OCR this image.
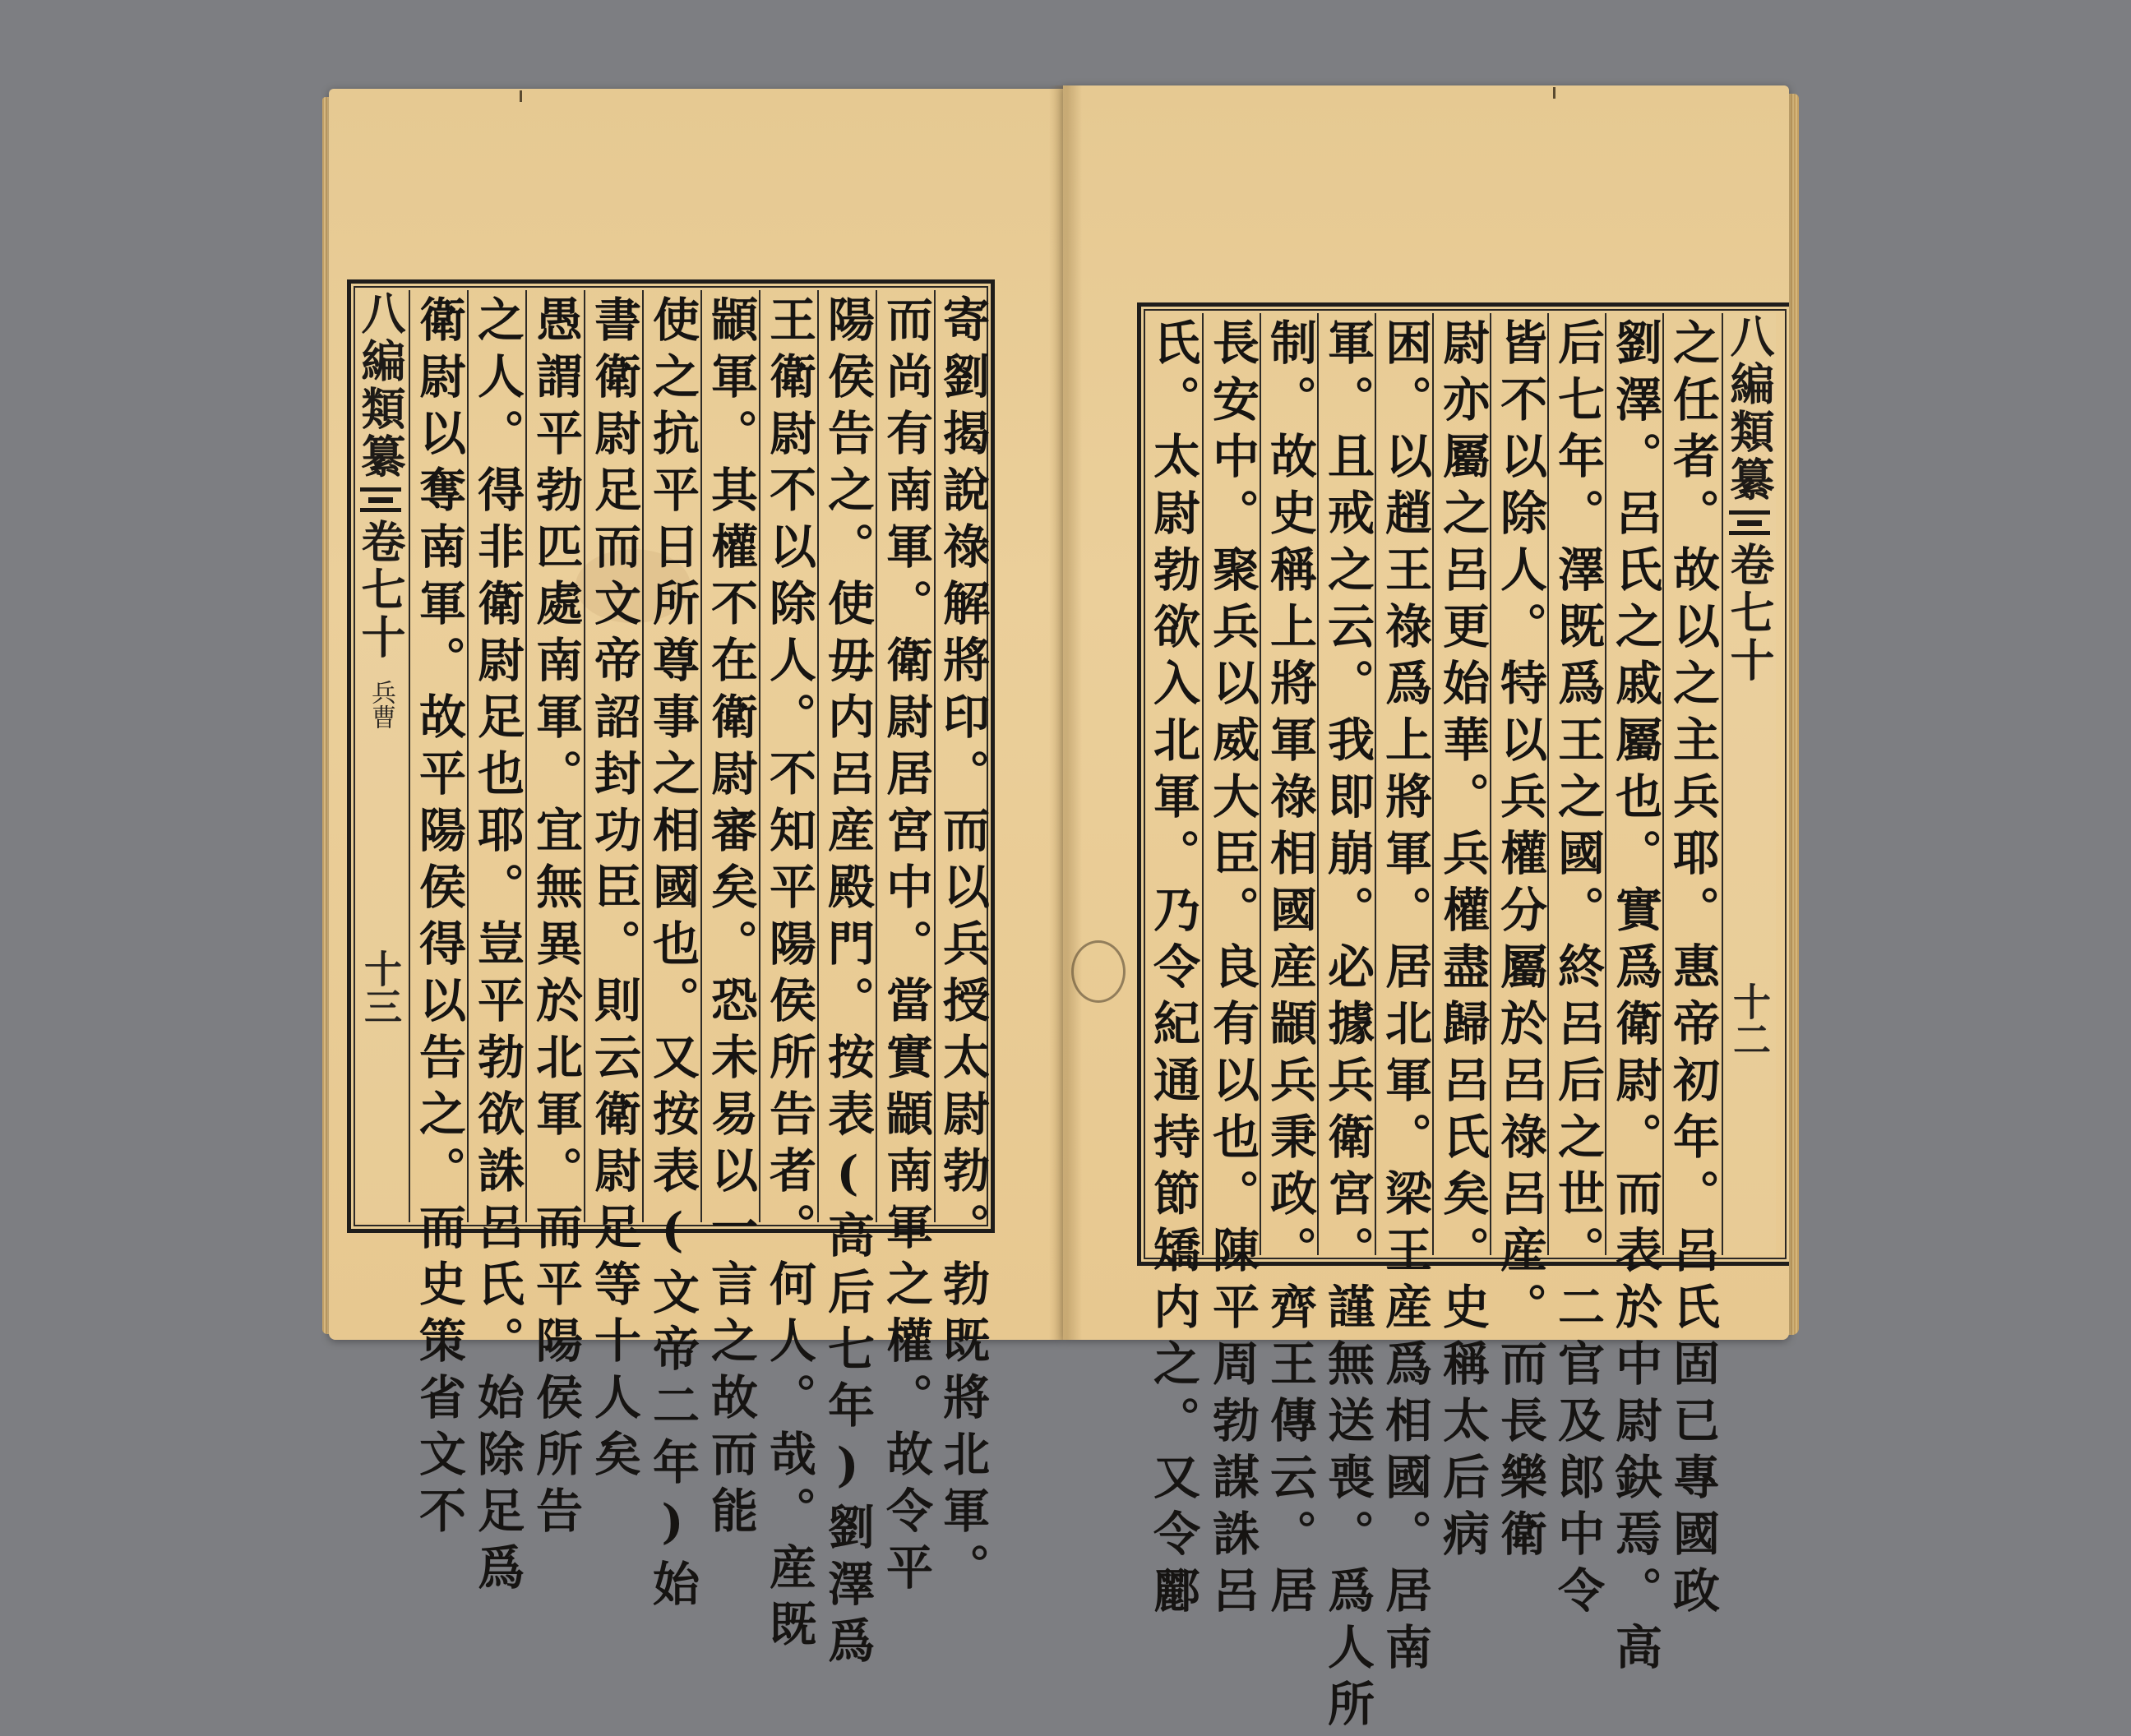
八編類纂
卷七十
兵曹
十三 衛尉以奪南軍。故平陽侯得以告之。而史策省文不 之人。得非衛尉足也耶。豈平勃欲誅呂氏。始除足爲 愚謂平勃匹處南軍。宜無異於北軍。而平陽侯所告 書衛尉足而文帝詔封功臣。則云衛尉足等十人矣 使之抗平日所尊事之相國也。又按表(文帝二年)始 顓軍。其權不在衛尉審矣。恐未易以一言之故而能 王衛尉不以除人。不知平陽侯所告者。何人。哉。産既 陽侯告之。使毋内呂産殿門。按表(高后七年)劉澤爲 而尚有南軍。衛尉居宮中。當實顓南軍之權。故令平 寄劉揭說祿解將印。而以兵授太尉勃。勃既將北軍。	氏。太尉勃欲入北軍。乃令紀通持節矯内之。又令酈 長安中。聚兵以威大臣。良有以也。陳平周勃謀誅呂 制。故史稱上將軍祿相國産顓兵秉政。齊王傳云。居 軍。且戒之云。我即崩。必據兵衛宮。謹無送喪。爲人所 困。以趙王祿爲上將軍。居北軍。梁王産爲相國。居南 尉亦屬之呂更始華。兵權盡歸呂氏矣。史稱太后病 皆不以除人。特以兵權分屬於呂祿呂産。而長樂衛 后七年。澤既爲王之國。終呂后之世。二官及郎中令 劉澤。呂氏之戚屬也。實爲衛尉。而表於中尉鈌焉。高 之任者。故以之主兵耶。惠帝初年。呂氏固已專國政 八編類纂
卷七十
十二
